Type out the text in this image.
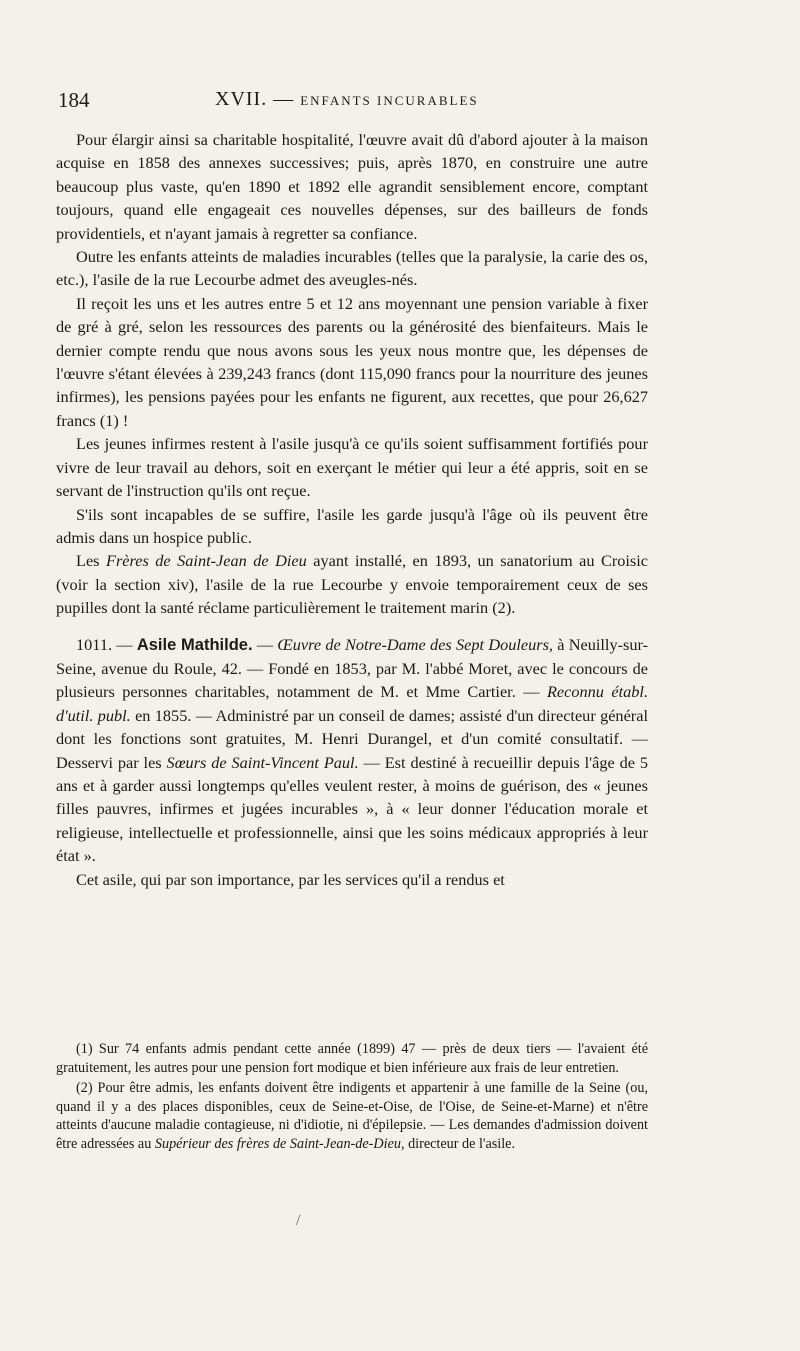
184	XVII. — ENFANTS INCURABLES

Pour élargir ainsi sa charitable hospitalité, l'œuvre avait dû d'abord ajouter à la maison acquise en 1858 des annexes successives; puis, après 1870, en construire une autre beaucoup plus vaste, qu'en 1890 et 1892 elle agrandit sensiblement encore, comptant toujours, quand elle engageait ces nouvelles dépenses, sur des bailleurs de fonds providentiels, et n'ayant jamais à regretter sa confiance.

Outre les enfants atteints de maladies incurables (telles que la paralysie, la carie des os, etc.), l'asile de la rue Lecourbe admet des aveugles-nés.

Il reçoit les uns et les autres entre 5 et 12 ans moyennant une pension variable à fixer de gré à gré, selon les ressources des parents ou la générosité des bienfaiteurs. Mais le dernier compte rendu que nous avons sous les yeux nous montre que, les dépenses de l'œuvre s'étant élevées à 239,243 francs (dont 115,090 francs pour la nourriture des jeunes infirmes), les pensions payées pour les enfants ne figurent, aux recettes, que pour 26,627 francs (1) !

Les jeunes infirmes restent à l'asile jusqu'à ce qu'ils soient suffisamment fortifiés pour vivre de leur travail au dehors, soit en exerçant le métier qui leur a été appris, soit en se servant de l'instruction qu'ils ont reçue.

S'ils sont incapables de se suffire, l'asile les garde jusqu'à l'âge où ils peuvent être admis dans un hospice public.

Les Frères de Saint-Jean de Dieu ayant installé, en 1893, un sanatorium au Croisic (voir la section xiv), l'asile de la rue Lecourbe y envoie temporairement ceux de ses pupilles dont la santé réclame particulièrement le traitement marin (2).

1011. — Asile Mathilde. — Œuvre de Notre-Dame des Sept Douleurs, à Neuilly-sur-Seine, avenue du Roule, 42. — Fondé en 1853, par M. l'abbé Moret, avec le concours de plusieurs personnes charitables, notamment de M. et Mme Cartier. — Reconnu établ. d'util. publ. en 1855. — Administré par un conseil de dames; assisté d'un directeur général dont les fonctions sont gratuites, M. Henri Durangel, et d'un comité consultatif. — Desservi par les Sœurs de Saint-Vincent Paul. — Est destiné à recueillir depuis l'âge de 5 ans et à garder aussi longtemps qu'elles veulent rester, à moins de guérison, des « jeunes filles pauvres, infirmes et jugées incurables », à « leur donner l'éducation morale et religieuse, intellectuelle et professionnelle, ainsi que les soins médicaux appropriés à leur état ».

Cet asile, qui par son importance, par les services qu'il a rendus et

(1) Sur 74 enfants admis pendant cette année (1899) 47 — près de deux tiers — l'avaient été gratuitement, les autres pour une pension fort modique et bien inférieure aux frais de leur entretien.

(2) Pour être admis, les enfants doivent être indigents et appartenir à une famille de la Seine (ou, quand il y a des places disponibles, ceux de Seine-et-Oise, de l'Oise, de Seine-et-Marne) et n'être atteints d'aucune maladie contagieuse, ni d'idiotie, ni d'épilepsie. — Les demandes d'admission doivent être adressées au Supérieur des frères de Saint-Jean-de-Dieu, directeur de l'asile.

/
